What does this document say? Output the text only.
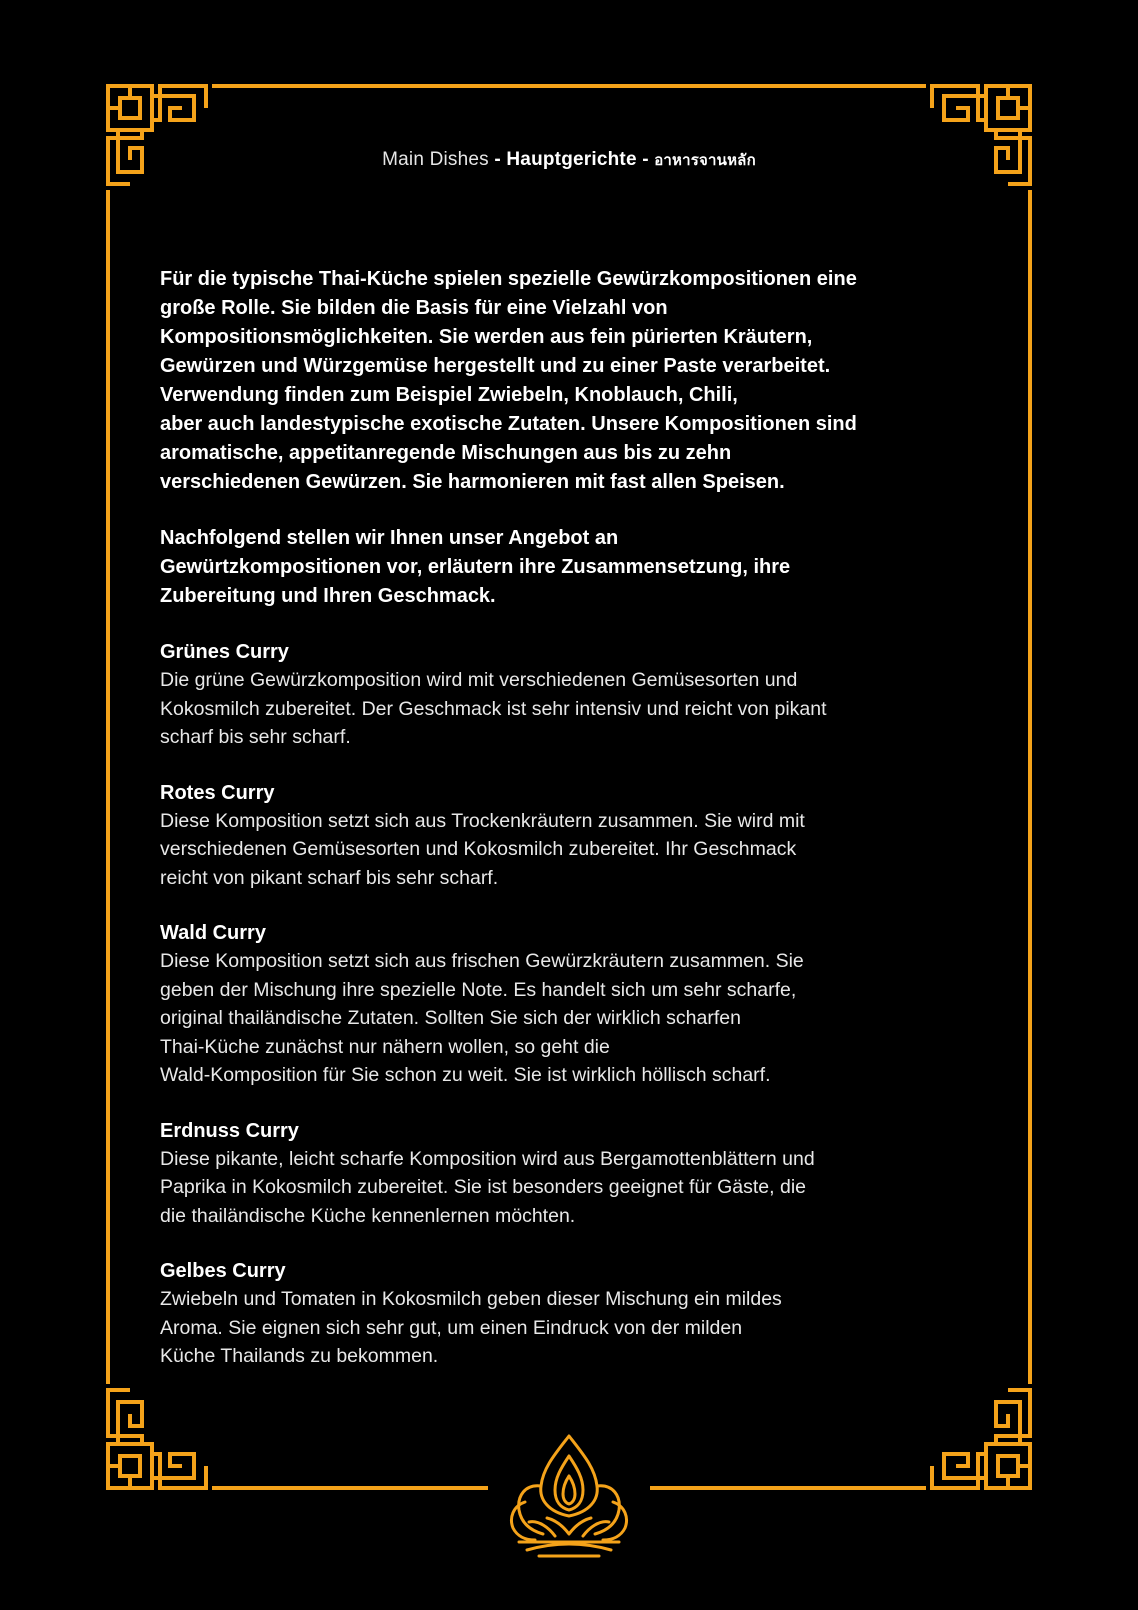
Main Dishes - Hauptgerichte - อาหารจานหลัก

Für die typische Thai-Küche spielen spezielle Gewürzkompositionen eine
große Rolle. Sie bilden die Basis für eine Vielzahl von
Kompositionsmöglichkeiten. Sie werden aus fein pürierten Kräutern,
Gewürzen und Würzgemüse hergestellt und zu einer Paste verarbeitet.
Verwendung finden zum Beispiel Zwiebeln, Knoblauch, Chili,
aber auch landestypische exotische Zutaten. Unsere Kompositionen sind
aromatische, appetitanregende Mischungen aus bis zu zehn
verschiedenen Gewürzen. Sie harmonieren mit fast allen Speisen.

Nachfolgend stellen wir Ihnen unser Angebot an
Gewürtzkompositionen vor, erläutern ihre Zusammensetzung, ihre
Zubereitung und Ihren Geschmack.

Grünes Curry

Die grüne Gewürzkomposition wird mit verschiedenen Gemüsesorten und
Kokosmilch zubereitet. Der Geschmack ist sehr intensiv und reicht von pikant
scharf bis sehr scharf.

Rotes Curry

Diese Komposition setzt sich aus Trockenkräutern zusammen. Sie wird mit
verschiedenen Gemüsesorten und Kokosmilch zubereitet. Ihr Geschmack
reicht von pikant scharf bis sehr scharf.

Wald Curry

Diese Komposition setzt sich aus frischen Gewürzkräutern zusammen. Sie
geben der Mischung ihre spezielle Note. Es handelt sich um sehr scharfe,
original thailändische Zutaten. Sollten Sie sich der wirklich scharfen
Thai-Küche zunächst nur nähern wollen, so geht die
Wald-Komposition für Sie schon zu weit. Sie ist wirklich höllisch scharf.

Erdnuss Curry

Diese pikante, leicht scharfe Komposition wird aus Bergamottenblättern und
Paprika in Kokosmilch zubereitet. Sie ist besonders geeignet für Gäste, die
die thailändische Küche kennenlernen möchten.

Gelbes Curry

Zwiebeln und Tomaten in Kokosmilch geben dieser Mischung ein mildes
Aroma. Sie eignen sich sehr gut, um einen Eindruck von der milden
Küche Thailands zu bekommen.
